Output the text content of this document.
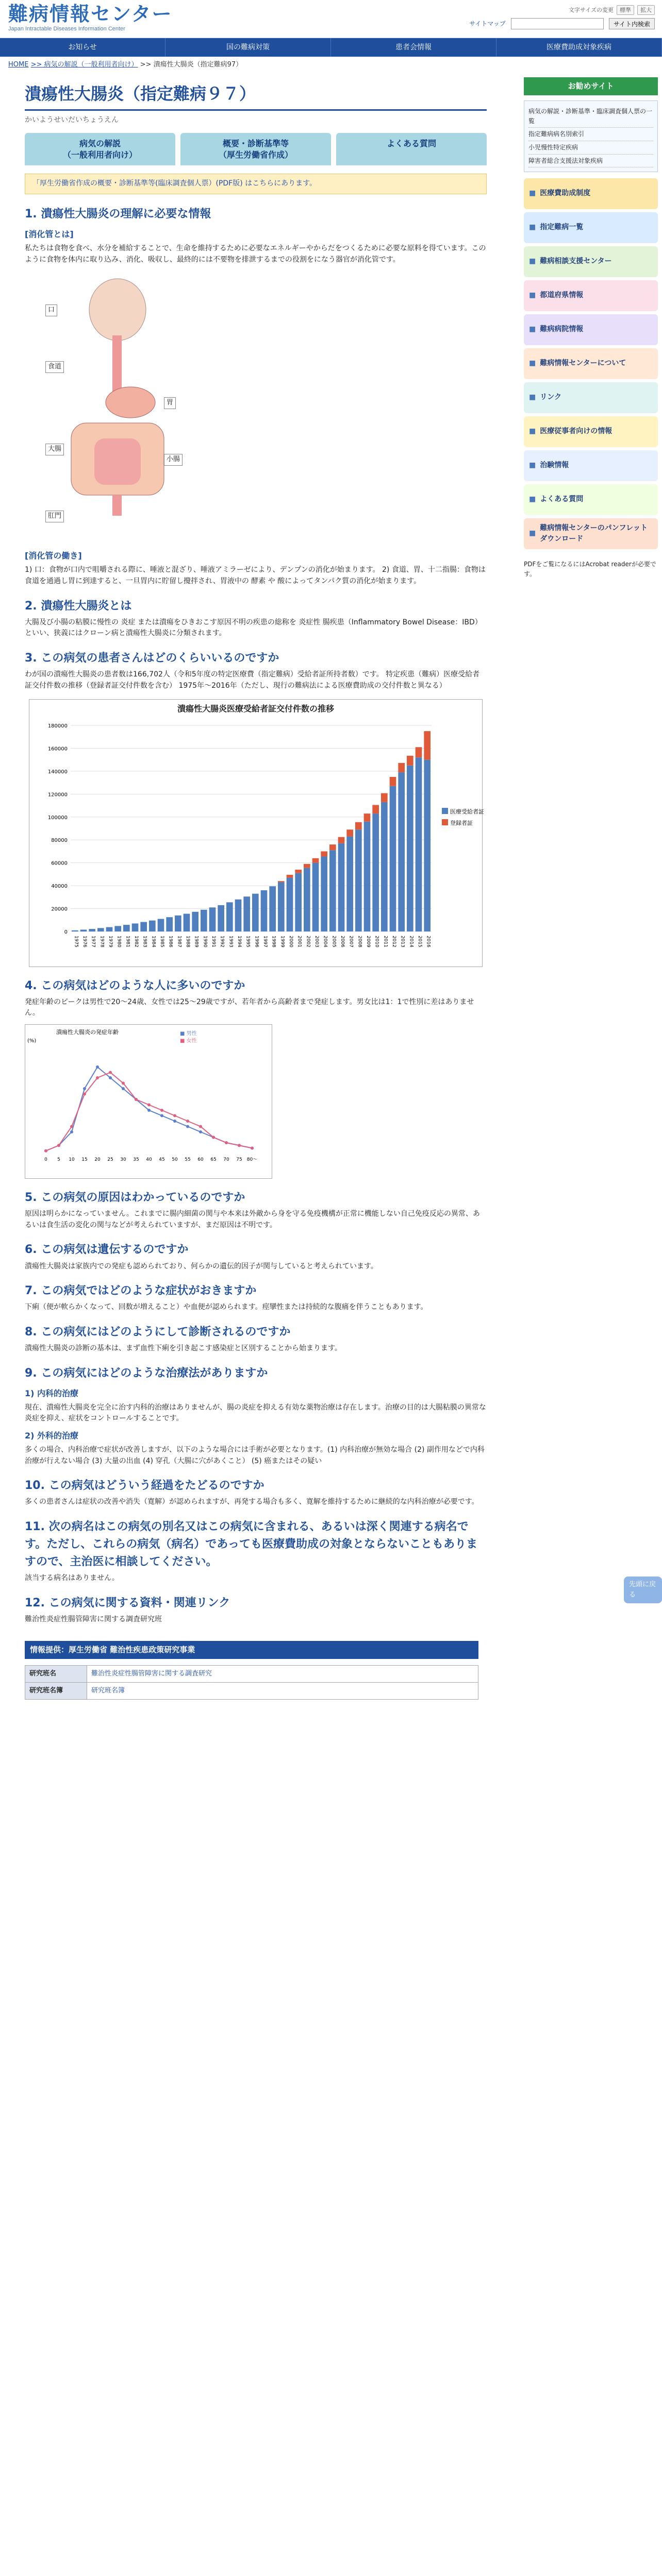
難病情報センター
Japan Intractable Diseases Information Center
文字サイズの変更	標準	拡大
サイトマップ	サイト内検索
お知らせ	国の難病対策	患者会情報	医療費助成対象疾病
HOME >> 病気の解説（一般利用者向け） >> 潰瘍性大腸炎（指定難病97）
潰瘍性大腸炎（指定難病９７）
かいようせいだいちょうえん
病気の解説
（一般利用者向け）
概要・診断基準等
（厚生労働省作成）
よくある質問
「厚生労働省作成の概要・診断基準等(臨床調査個人票）(PDF版) はこちらにあります。
1. 潰瘍性大腸炎の理解に必要な情報
[消化管とは]

私たちは食物を食べ、水分を補給することで、生命を維持するために必要なエネルギーやからだをつくるために必要な原料を得ています。このように食物を体内に取り込み、消化、吸収し、最終的には不要物を排泄するまでの役割をになう器官が消化管です。

口
食道
胃
小腸
大腸
肛門
[消化管の働き]

1) 口：食物が口内で咀嚼される際に、唾液と混ざり、唾液アミラーゼにより、デンプンの消化が始まります。 2) 食道、胃、十二指腸：食物は食道を通過し胃に到達すると、一旦胃内に貯留し攪拌され、胃液中の 酵素 や 酸によってタンパク質の消化が始まります。

2. 潰瘍性大腸炎とは

大腸及び小腸の粘膜に慢性の 炎症 または潰瘍をひきおこす原因不明の疾患の総称を 炎症性 腸疾患（Inflammatory Bowel Disease：IBD）といい、狭義にはクローン病と潰瘍性大腸炎に分類されます。

3. この病気の患者さんはどのくらいいるのですか

わが国の潰瘍性大腸炎の患者数は166,702人（令和5年度の特定医療費（指定難病）受給者証所持者数）です。 特定疾患（難病）医療受給者証交付件数の推移（登録者証交付件数を含む） 1975年～2016年（ただし、現行の難病法による医療費助成の交付件数と異なる）

潰瘍性大腸炎医療受給者証交付件数の推移
0
20000
40000
60000
80000
100000
120000
140000
160000
180000
1975 1976 1977 1978 1979 1980 1981 1982 1983 1984 1985 1986 1987 1988 1989 1990 1991 1992 1993 1994 1995 1996 1997 1998 1999 2000 2001 2002 2003 2004 2005 2006 2007 2008 2009 2010 2011 2012 2013 2014 2015 2016
医療受給者証
登録者証
4. この病気はどのような人に多いのですか

発症年齢のピークは男性で20〜24歳、女性では25〜29歳ですが、若年者から高齢者まで発症します。男女比は1：1で性別に差はありません。

潰瘍性大腸炎の発症年齢
(%)
■ 男性
■ 女性
0 5 10 15 20 25 30 35 40 45 50 55 60 65 70 75 80～
5. この病気の原因はわかっているのですか

原因は明らかになっていません。これまでに腸内細菌の関与や本来は外敵から身を守る免疫機構が正常に機能しない自己免疫反応の異常、あるいは食生活の変化の関与などが考えられていますが、まだ原因は不明です。

6. この病気は遺伝するのですか

潰瘍性大腸炎は家族内での発症も認められており、何らかの遺伝的因子が関与していると考えられています。

7. この病気ではどのような症状がおきますか

下痢（便が軟らかくなって、回数が増えること）や血便が認められます。痙攣性または持続的な腹痛を伴うこともあります。

8. この病気にはどのようにして診断されるのですか

潰瘍性大腸炎の診断の基本は、まず血性下痢を引き起こす感染症と区別することから始まります。

9. この病気にはどのような治療法がありますか
1) 内科的治療

現在、潰瘍性大腸炎を完全に治す内科的治療はありませんが、腸の炎症を抑える有効な薬物治療は存在します。治療の目的は大腸粘膜の異常な炎症を抑え、症状をコントロールすることです。

2) 外科的治療

多くの場合、内科治療で症状が改善しますが、以下のような場合には手術が必要となります。(1) 内科治療が無効な場合 (2) 副作用などで内科治療が行えない場合 (3) 大量の出血 (4) 穿孔（大腸に穴があくこと） (5) 癌またはその疑い

10. この病気はどういう経過をたどるのですか

多くの患者さんは症状の改善や消失（寛解）が認められますが、再発する場合も多く、寛解を維持するために継続的な内科治療が必要です。

11. 次の病名はこの病気の別名又はこの病気に含まれる、あるいは深く関連する病名です。ただし、これらの病気（病名）であっても医療費助成の対象とならないこともありますので、主治医に相談してください。

該当する病名はありません。

12. この病気に関する資料・関連リンク

難治性炎症性腸管障害に関する調査研究班

情報提供：厚生労働省 難治性疾患政策研究事業
研究班名	難治性炎症性腸管障害に関する調査研究
研究班名簿	研究班名簿
お勧めサイト
病気の解説・診断基準・臨床調査個人票の一覧
指定難病病名別索引
小児慢性特定疾病
障害者総合支援法対象疾病
■ 医療費助成制度
■ 指定難病一覧
■ 難病相談支援センター
■ 都道府県情報
■ 難病病院情報
■ 難病情報センターについて
■ リンク
■ 医療従事者向けの情報
■ 治験情報
■ よくある質問
■
難病情報センターのパンフレットダウンロード

PDFをご覧になるにはAcrobat readerが必要です。

先頭に戻る
